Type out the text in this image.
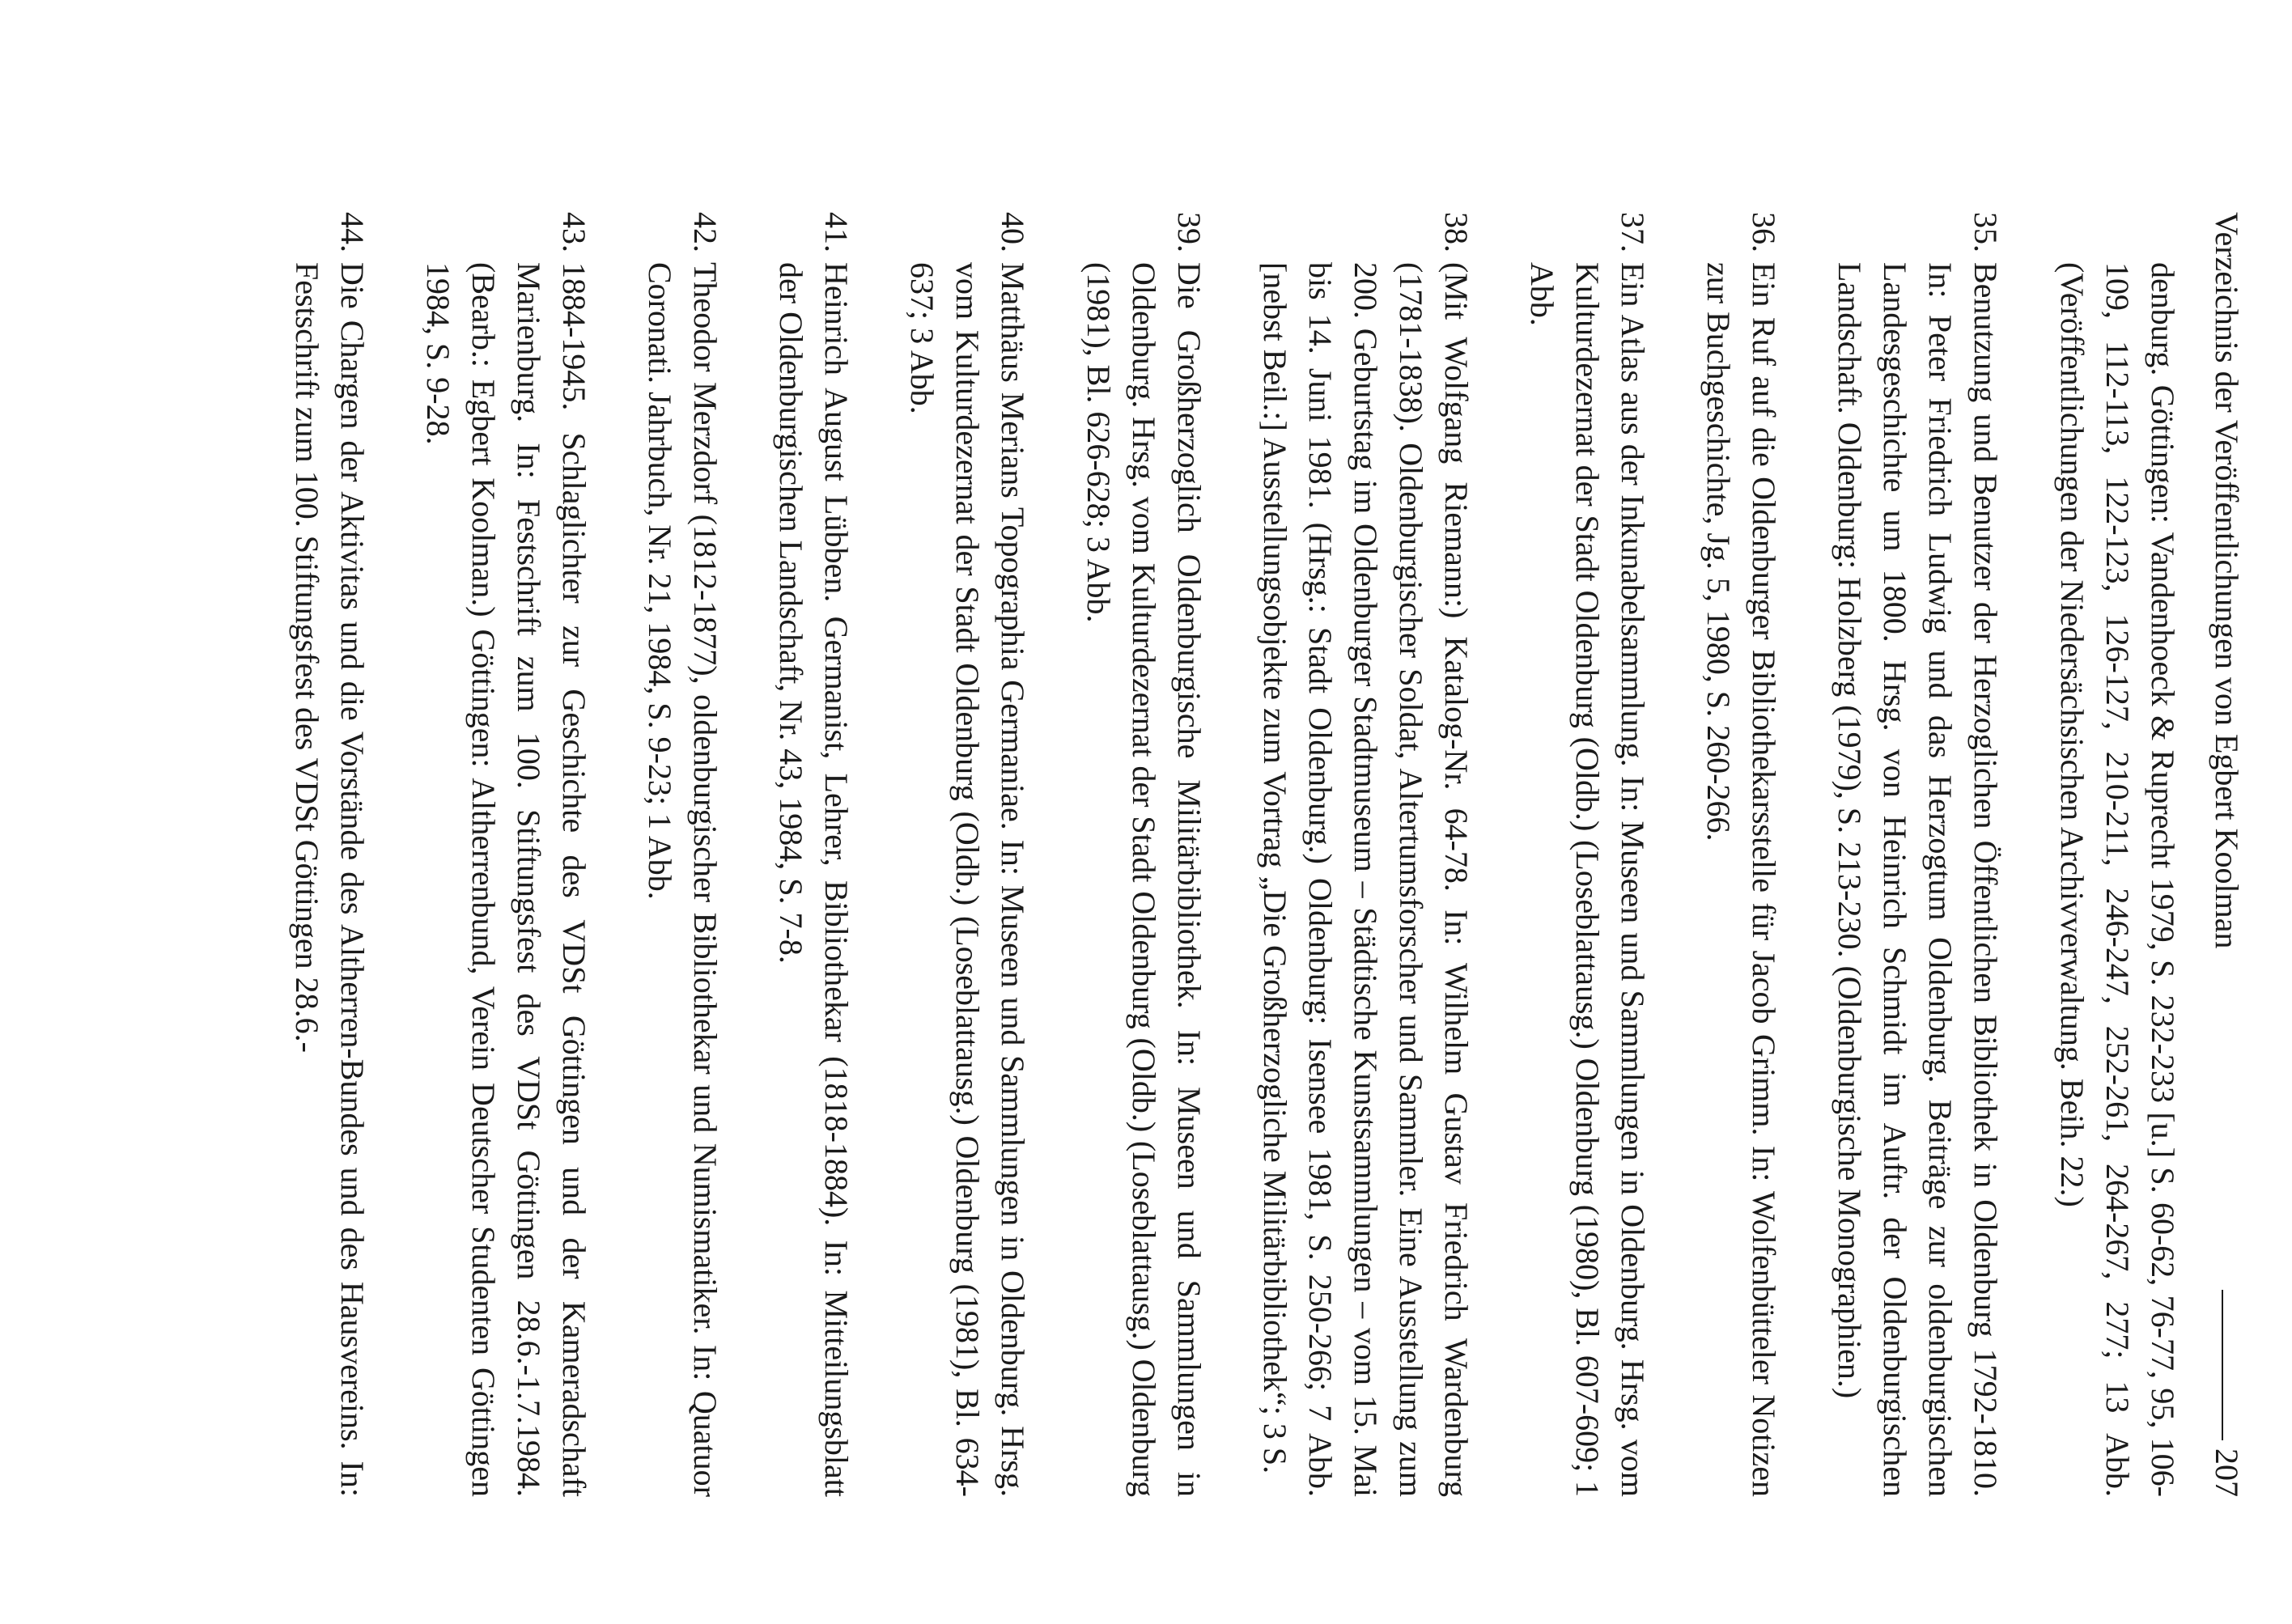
Verzeichnis der Veröffentlichungen von Egbert Koolman
207
denburg. Göttingen: Vandenhoeck & Ruprecht 1979, S. 232-233 [u.] S. 60-62, 76-77, 95, 106-109, 112-113, 122-123, 126-127, 210-211, 246-247, 252-261, 264-267, 277; 13 Abb. (Veröffentlichungen der Niedersächsischen Archivverwaltung. Beih. 22.)
35.
Benutzung und Benutzer der Herzoglichen Öffentlichen Bibliothek in Oldenburg 1792-1810. In: Peter Friedrich Ludwig und das Herzogtum Oldenburg. Beiträge zur oldenburgischen Landesgeschichte um 1800. Hrsg. von Heinrich Schmidt im Auftr. der Oldenburgischen Landschaft. Oldenburg: Holzberg (1979), S. 213-230. (Oldenburgische Monographien.)
36.
Ein Ruf auf die Oldenburger Bibliothekarsstelle für Jacob Grimm. In: Wolfenbütteler Notizen zur Buchgeschichte, Jg. 5, 1980, S. 260-266.
37.
Ein Atlas aus der Inkunabelsammlung. In: Museen und Sammlungen in Oldenburg. Hrsg. vom Kulturdezernat der Stadt Oldenburg (Oldb.) (Loseblattausg.) Oldenburg (1980), Bl. 607-609; 1 Abb.
38.
(Mit Wolfgang Riemann:) Katalog-Nr. 64-78. In: Wilhelm Gustav Friedrich Wardenburg (1781-1838). Oldenburgischer Soldat, Altertumsforscher und Sammler. Eine Ausstellung zum 200. Geburtstag im Oldenburger Stadtmuseum – Städtische Kunstsammlungen – vom 15. Mai bis 14. Juni 1981. (Hrsg.: Stadt Oldenburg.) Oldenburg: Isensee 1981, S. 250-266; 7 Abb. [nebst Beil.:] Ausstellungsobjekte zum Vortrag „Die Großherzogliche Militärbibliothek“; 3 S.
39.
Die Großherzoglich Oldenburgische Militärbibliothek. In: Museen und Sammlungen in Oldenburg. Hrsg. vom Kulturdezernat der Stadt Oldenburg (Oldb.) (Loseblattausg.) Oldenburg (1981), Bl. 626-628; 3 Abb.
40.
Matthäus Merians Topographia Germaniae. In: Museen und Sammlungen in Oldenburg. Hrsg. vom Kulturdezernat der Stadt Oldenburg (Oldb.) (Loseblattausg.) Oldenburg (1981), Bl. 634-637; 3 Abb.
41.
Heinrich August Lübben. Germanist, Lehrer, Bibliothekar (1818-1884). In: Mitteilungsblatt der Oldenburgischen Landschaft, Nr. 43, 1984, S. 7-8.
42.
Theodor Merzdorf (1812-1877), oldenburgischer Bibliothekar und Numismatiker. In: Quatuor Coronati. Jahrbuch, Nr. 21, 1984, S. 9-23; 1 Abb.
43.
1884-1945. Schlaglichter zur Geschichte des VDSt Göttingen und der Kameradschaft Marienburg. In: Festschrift zum 100. Stiftungsfest des VDSt Göttingen 28.6.-1.7.1984. (Bearb.: Egbert Koolman.) Göttingen: Altherrenbund, Verein Deutscher Studenten Göttingen 1984, S. 9-28.
44.
Die Chargen der Aktivitas und die Vorstände des Altherren-Bundes und des Hausvereins. In: Festschrift zum 100. Stiftungsfest des VDSt Göttingen 28.6.-
